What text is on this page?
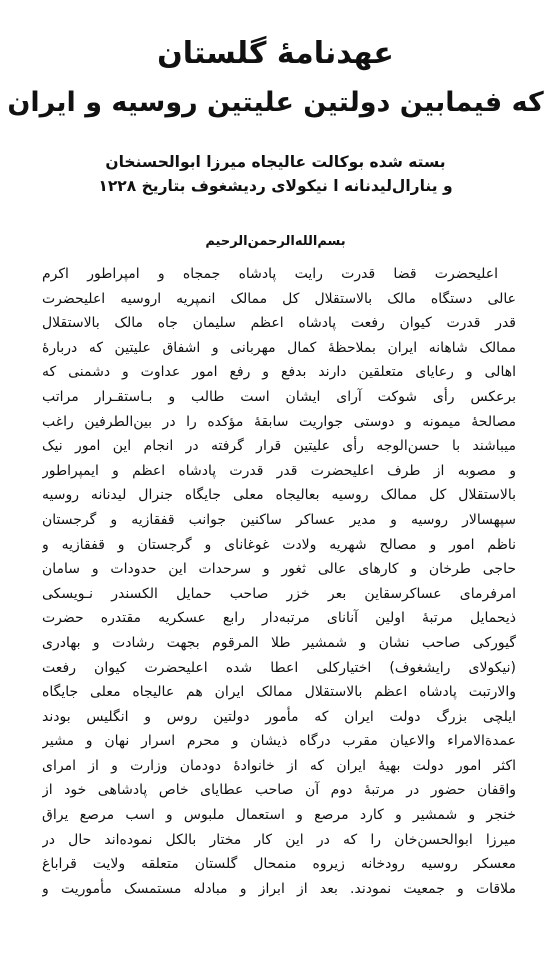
عهدنامهٔ گلستان
که فیمابین دولتین علیتین روسیه و ایران
بسته شده بوکالت عالیجاه میرزا ابوالحسنخان
و ینارال‌لیدنانه ا نیکولای ردیشغوف بتاریخ ۱۲۲۸
بسم‌الله‌الرحمن‌الرحیم
اعلیحضرت قضا قدرت رایت پادشاه جمجاه و امپراطور اکرم
عالی دستگاه مالک بالاستقلال کل ممالک انمپریه اروسیه اعلیحضرت
قدر قدرت کیوان رفعت پادشاه اعظم سلیمان جاه مالک بالاستقلال
ممالک شاهانه ایران بملاحظهٔ کمال مهربانی و اشفاق علیتین که دربارهٔ
اهالی و رعایای متعلقین دارند بدفع و رفع امور عداوت و دشمنی که
برعکس رأی شوکت آرای ایشان است طالب و بـاستقـرار مراتب
مصالحهٔ میمونه و دوستی جواریت سابقهٔ مؤکده را در بین‌الطرفین راغب
میباشند با حسن‌الوجه رأی علیتین قرار گرفته در انجام این امور نیک
و مصوبه از طرف اعلیحضرت قدر قدرت پادشاه اعظم و ایمپراطور
بالاستقلال کل ممالک روسیه بعالیجاه معلی جایگاه جنرال لیدنانه روسیه
سپهسالار روسیه و مدیر عساکر ساکنین جوانب قفقازیه و گرجستان
ناظم امور و مصالح شهریه ولادت غوغانای و گرجستان و قفقازیه و
حاجی طرخان و کارهای عالی ثغور و سرحدات این حدودات و سامان
امرفرمای عساکرسقاین بعر خزر صاحب حمایل الکسندر نـویسکی
ذیحمایل مرتبهٔ اولین آنانای مرتبه‌دار رابع عسکریه مقتدره حضرت
گیورکی صاحب نشان و شمشیر طلا المرقوم بجهت رشادت و بهادری
(نیکولای رایشغوف) اختیارکلی اعطا شده اعلیحضرت کیوان رفعت
والارتبت پادشاه اعظم بالاستقلال ممالک ایران هم عالیجاه معلی جایگاه
ایلچی بزرگ دولت ایران که مأمور دولتین روس و انگلیس بودند
عمدةالامراء والاعیان مقرب درگاه ذیشان و محرم اسرار نهان و مشیر
اکثر امور دولت بهیهٔ ایران که از خانوادهٔ دودمان وزارت و از امرای
واقفان حضور در مرتبهٔ دوم آن صاحب عطایای خاص پادشاهی خود از
خنجر و شمشیر و کارد مرصع و استعمال ملبوس و اسب مرصع یراق
میرزا ابوالحسن‌خان را که در این کار مختار بالکل نموده‌اند حال در
معسکر روسیه رودخانه زیروه منمحال گلستان متعلقه ولایت قراباغ
ملاقات و جمعیت نمودند. بعد از ابراز و مبادله مستمسک مأموریت و
